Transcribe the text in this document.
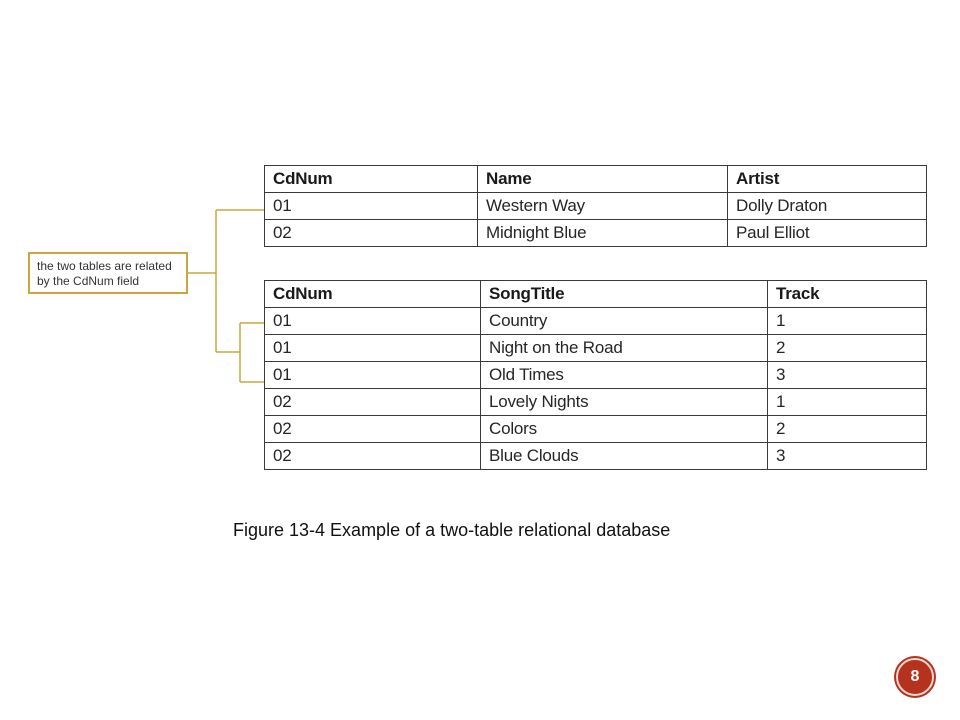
the two tables are related
by the CdNum field
CdNum	Name	Artist
01	Western Way	Dolly Draton
02	Midnight Blue	Paul Elliot
CdNum	SongTitle	Track
01	Country	1
01	Night on the Road	2
01	Old Times	3
02	Lovely Nights	1
02	Colors	2
02	Blue Clouds	3
Figure 13-4 Example of a two-table relational database
8
